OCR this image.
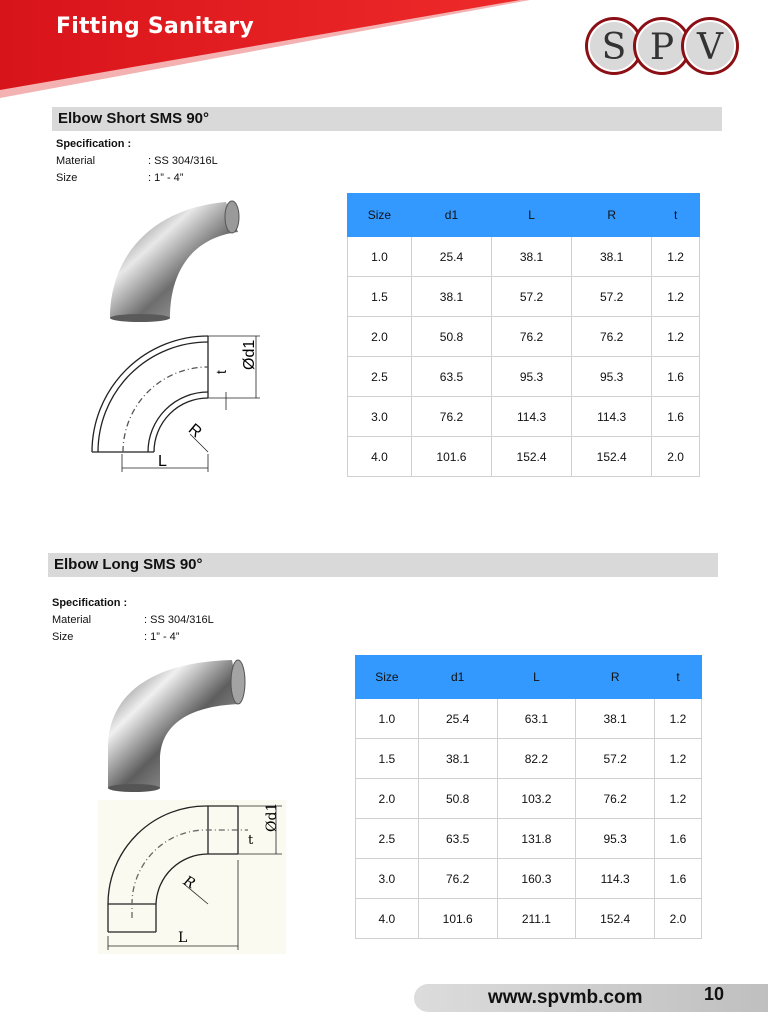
Fitting Sanitary
S P V
Elbow Short SMS 90°
Specification :
Material	: SS 304/316L
Size	: 1” - 4”
Ød1
t
R
L
Size	d1	L	R	t
1.0	25.4	38.1	38.1	1.2
1.5	38.1	57.2	57.2	1.2
2.0	50.8	76.2	76.2	1.2
2.5	63.5	95.3	95.3	1.6
3.0	76.2	114.3	114.3	1.6
4.0	101.6	152.4	152.4	2.0
Elbow Long SMS 90°
Specification :
Material	: SS 304/316L
Size	: 1” - 4”
Ød1
t
R
L
Size	d1	L	R	t
1.0	25.4	63.1	38.1	1.2
1.5	38.1	82.2	57.2	1.2
2.0	50.8	103.2	76.2	1.2
2.5	63.5	131.8	95.3	1.6
3.0	76.2	160.3	114.3	1.6
4.0	101.6	211.1	152.4	2.0
www.spvmb.com	10
